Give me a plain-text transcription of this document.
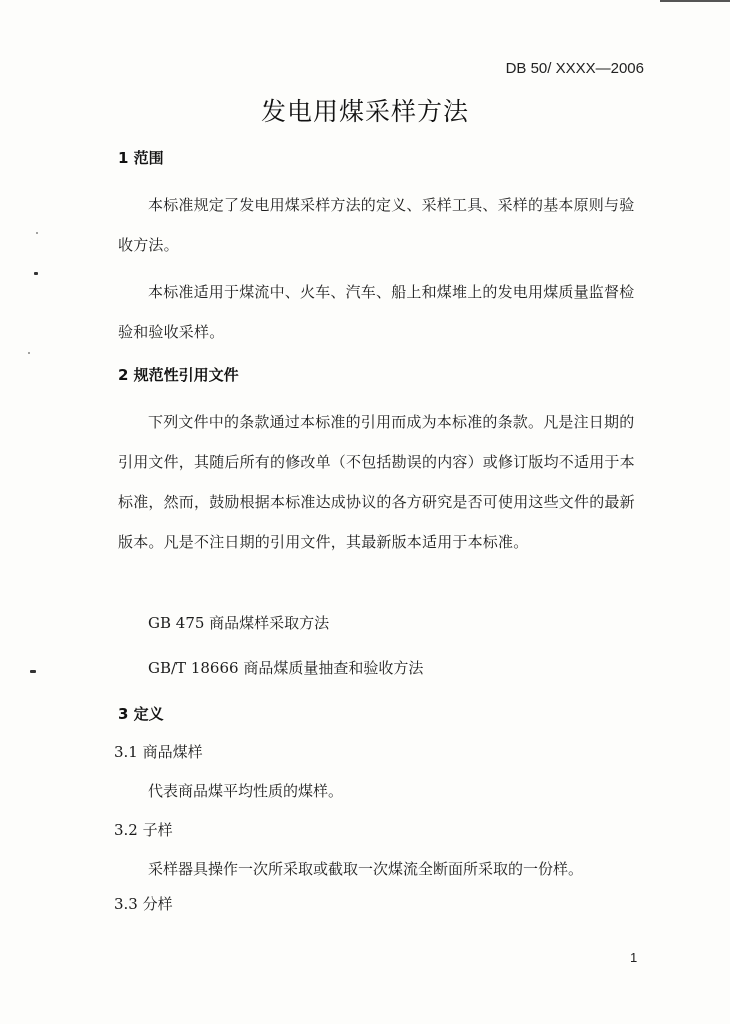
DB 50/ XXXX—2006
发电用煤采样方法
1 范围

本标准规定了发电用煤采样方法的定义、采样工具、采样的基本原则与验收方法。

本标准适用于煤流中、火车、汽车、船上和煤堆上的发电用煤质量监督检验和验收采样。

2 规范性引用文件

下列文件中的条款通过本标准的引用而成为本标准的条款。凡是注日期的引用文件，其随后所有的修改单（不包括勘误的内容）或修订版均不适用于本标准，然而，鼓励根据本标准达成协议的各方研究是否可使用这些文件的最新版本。凡是不注日期的引用文件，其最新版本适用于本标准。

GB 475 商品煤样采取方法
GB/T 18666 商品煤质量抽查和验收方法
3 定义
3.1 商品煤样
代表商品煤平均性质的煤样。
3.2 子样
采样器具操作一次所采取或截取一次煤流全断面所采取的一份样。
3.3 分样
1
